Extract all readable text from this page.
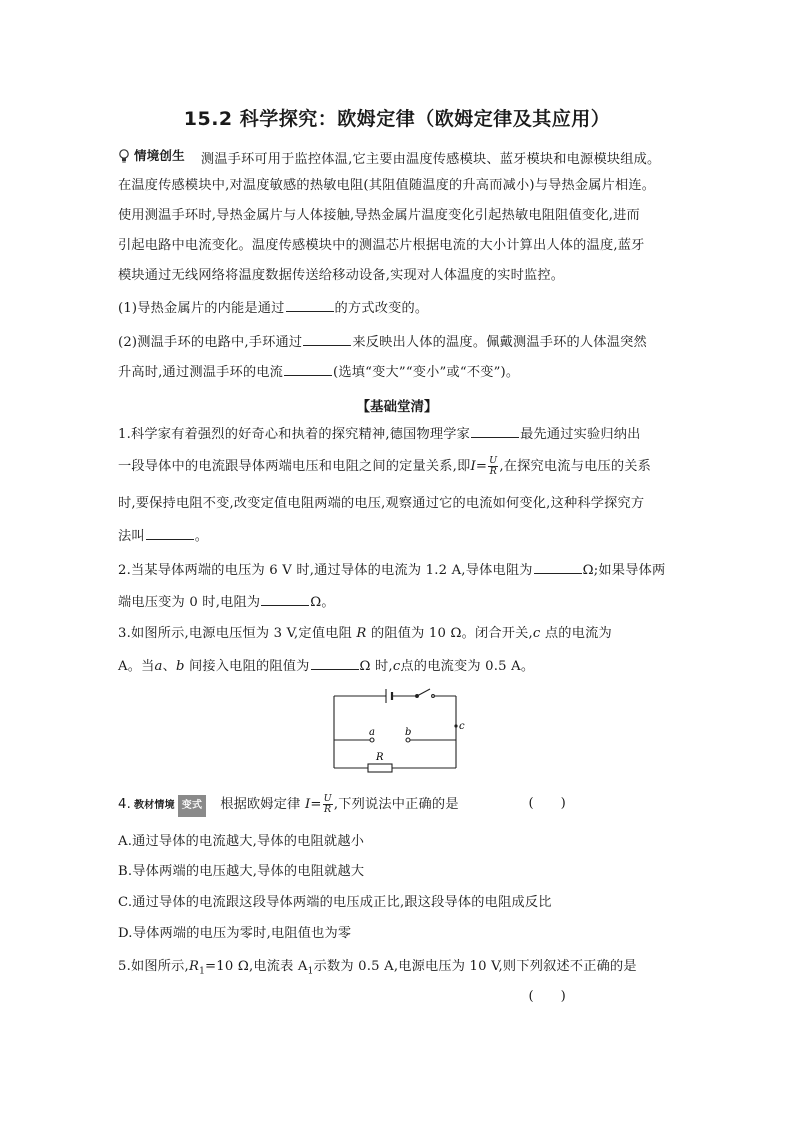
15.2 科学探究：欧姆定律（欧姆定律及其应用）
情境创生 测温手环可用于监控体温,它主要由温度传感模块、蓝牙模块和电源模块组成。
在温度传感模块中,对温度敏感的热敏电阻(其阻值随温度的升高而减小)与导热金属片相连。
使用测温手环时,导热金属片与人体接触,导热金属片温度变化引起热敏电阻阻值变化,进而
引起电路中电流变化。温度传感模块中的测温芯片根据电流的大小计算出人体的温度,蓝牙
模块通过无线网络将温度数据传送给移动设备,实现对人体温度的实时监控。
(1)导热金属片的内能是通过	的方式改变的。
(2)测温手环的电路中,手环通过	来反映出人体的温度。佩戴测温手环的人体温突然
升高时,通过测温手环的电流	(选填“变大”“变小”或“不变”)。
【基础堂清】
1.科学家有着强烈的好奇心和执着的探究精神,德国物理学家	最先通过实验归纳出
一段导体中的电流跟导体两端电压和电阻之间的定量关系,即$I= \frac{U}{R}$ ,在探究电流与电压的关系
时,要保持电阻不变,改变定值电阻两端的电压,观察通过它的电流如何变化,这种科学探究方
法叫	。
2.当某导体两端的电压为 6 V 时,通过导体的电流为 1.2 A,导体电阻为	Ω;如果导体两
端电压变为 0 时,电阻为	Ω。
3.如图所示,电源电压恒为 3 V,定值电阻 R 的阻值为 10 Ω。闭合开关,c 点的电流为
A。当a、b 间接入电阻的阻值为	Ω 时,c点的电流变为 0.5 A。
a	b
c
R
4. 教材情境 变式	根据欧姆定律 $I= \frac{U}{R}$ ,下列说法中正确的是	(　　)
A.通过导体的电流越大,导体的电阻就越小
B.导体两端的电压越大,导体的电阻就越大
C.通过导体的电流跟这段导体两端的电压成正比,跟这段导体的电阻成反比
D.导体两端的电压为零时,电阻值也为零
5.如图所示$,R_1=10$ Ω,电流表 $A_1$示数为 0.5 A,电源电压为 10 V,则下列叙述不正确的是
(　　)
